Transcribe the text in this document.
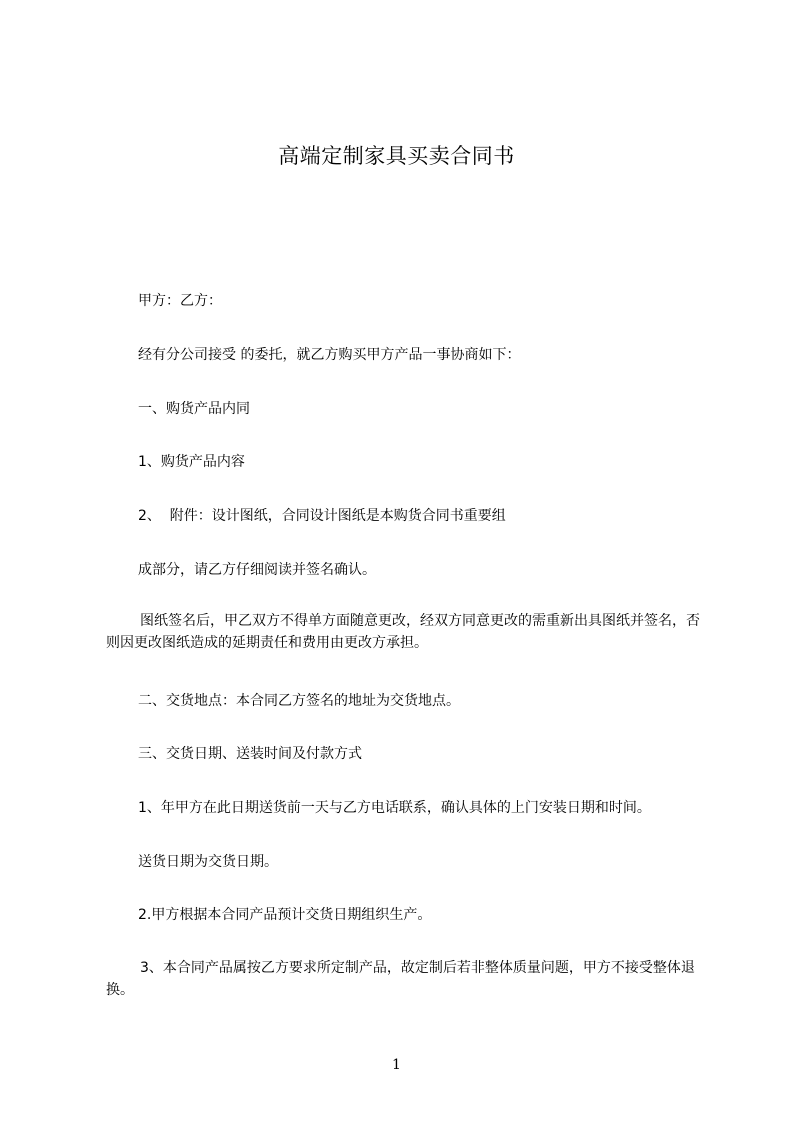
高端定制家具买卖合同书
甲方：乙方：
经有分公司接受 的委托，就乙方购买甲方产品一事协商如下：
一、购货产品内同
1、购货产品内容
2、  附件：设计图纸，合同设计图纸是本购货合同书重要组
成部分，请乙方仔细阅读并签名确认。
图纸签名后，甲乙双方不得单方面随意更改，经双方同意更改的需重新出具图纸并签名，否则因更改图纸造成的延期责任和费用由更改方承担。
二、交货地点：本合同乙方签名的地址为交货地点。
三、交货日期、送装时间及付款方式
1、年甲方在此日期送货前一天与乙方电话联系，确认具体的上门安装日期和时间。
送货日期为交货日期。
2.甲方根据本合同产品预计交货日期组织生产。
3、本合同产品属按乙方要求所定制产品，故定制后若非整体质量问题，甲方不接受整体退换。
1
